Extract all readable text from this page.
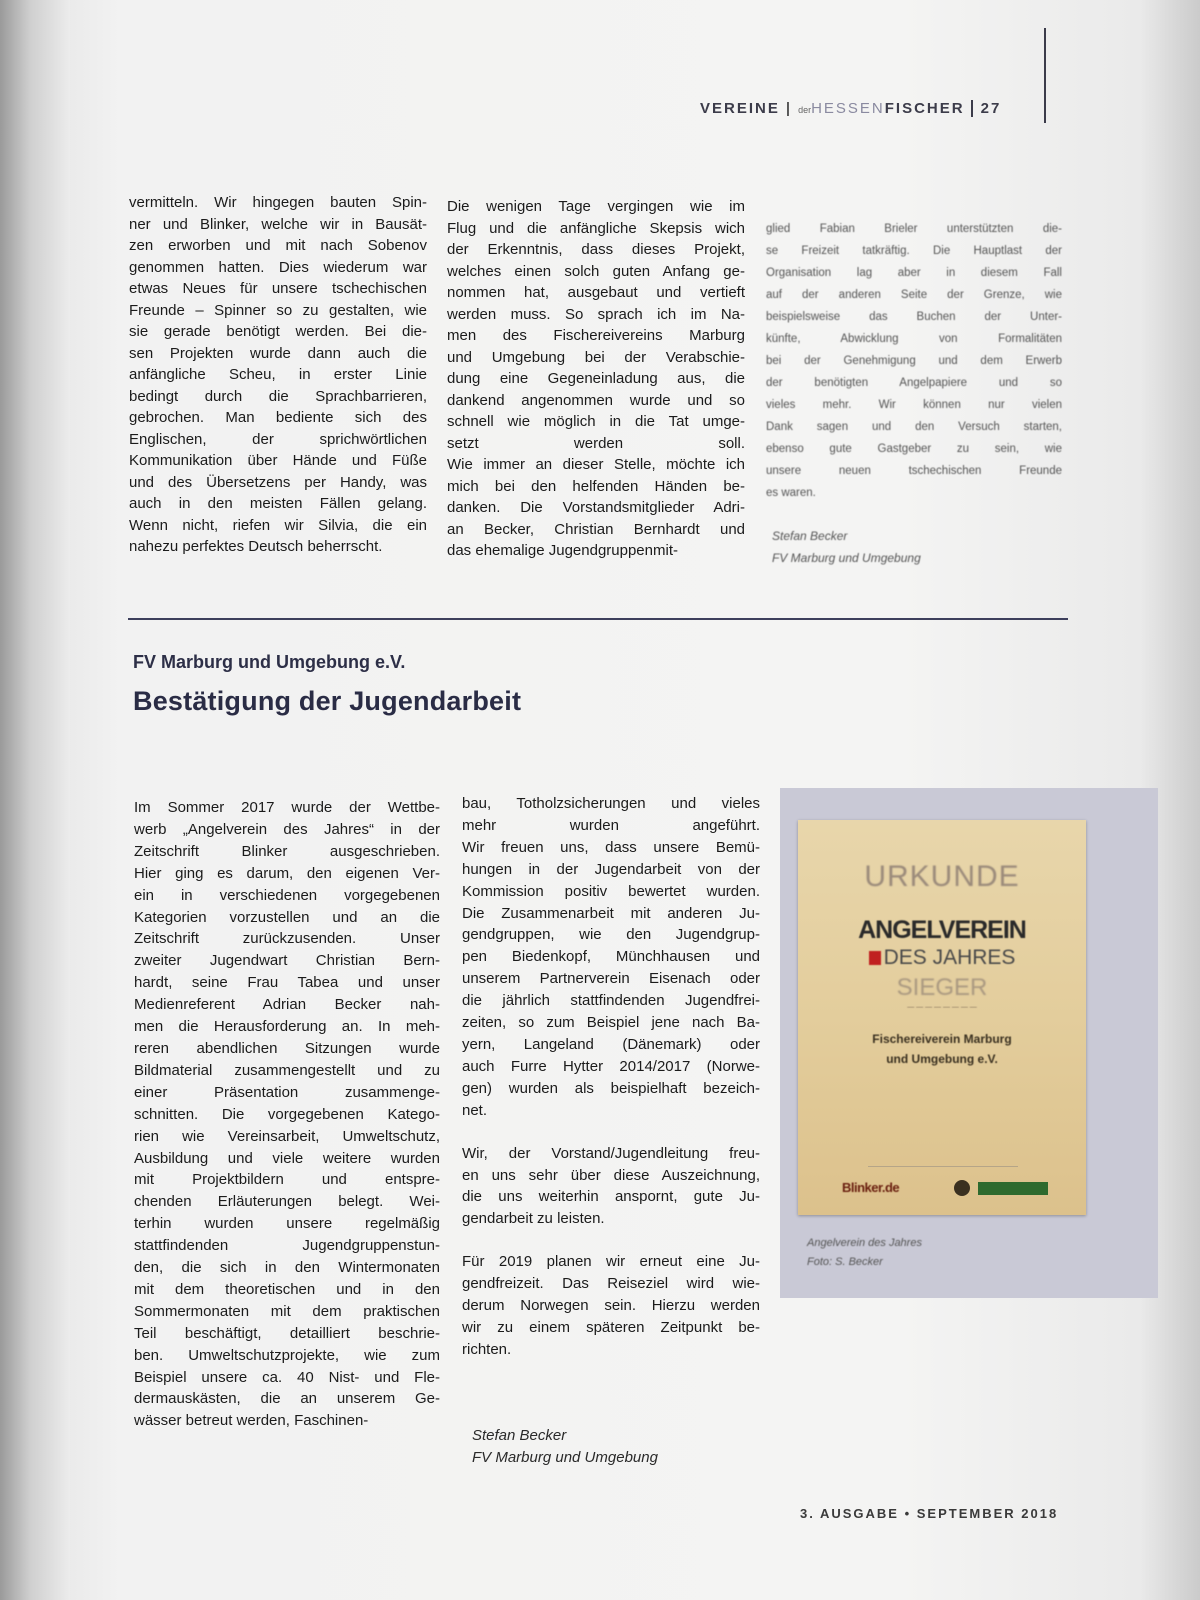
VEREINE | derHESSENFISCHER 27
vermitteln. Wir hingegen bauten Spin-
ner und Blinker, welche wir in Bausät-
zen erworben und mit nach Sobenov
genommen hatten. Dies wiederum war
etwas Neues für unsere tschechischen
Freunde – Spinner so zu gestalten, wie
sie gerade benötigt werden. Bei die-
sen Projekten wurde dann auch die
anfängliche Scheu, in erster Linie
bedingt durch die Sprachbarrieren,
gebrochen. Man bediente sich des
Englischen, der sprichwörtlichen
Kommunikation über Hände und Füße
und des Übersetzens per Handy, was
auch in den meisten Fällen gelang.
Wenn nicht, riefen wir Silvia, die ein
nahezu perfektes Deutsch beherrscht.
Die wenigen Tage vergingen wie im
Flug und die anfängliche Skepsis wich
der Erkenntnis, dass dieses Projekt,
welches einen solch guten Anfang ge-
nommen hat, ausgebaut und vertieft
werden muss. So sprach ich im Na-
men des Fischereivereins Marburg
und Umgebung bei der Verabschie-
dung eine Gegeneinladung aus, die
dankend angenommen wurde und so
schnell wie möglich in die Tat umge-
setzt werden soll.
Wie immer an dieser Stelle, möchte ich
mich bei den helfenden Händen be-
danken. Die Vorstandsmitglieder Adri-
an Becker, Christian Bernhardt und
das ehemalige Jugendgruppenmit-
glied Fabian Brieler unterstützten die-
se Freizeit tatkräftig. Die Hauptlast der
Organisation lag aber in diesem Fall
auf der anderen Seite der Grenze, wie
beispielsweise das Buchen der Unter-
künfte, Abwicklung von Formalitäten
bei der Genehmigung und dem Erwerb
der benötigten Angelpapiere und so
vieles mehr. Wir können nur vielen
Dank sagen und den Versuch starten,
ebenso gute Gastgeber zu sein, wie
unsere neuen tschechischen Freunde
es waren.
Stefan Becker
FV Marburg und Umgebung
FV Marburg und Umgebung e.V.
Bestätigung der Jugendarbeit
Im Sommer 2017 wurde der Wettbe-
werb „Angelverein des Jahres“ in der
Zeitschrift Blinker ausgeschrieben.
Hier ging es darum, den eigenen Ver-
ein in verschiedenen vorgegebenen
Kategorien vorzustellen und an die
Zeitschrift zurückzusenden. Unser
zweiter Jugendwart Christian Bern-
hardt, seine Frau Tabea und unser
Medienreferent Adrian Becker nah-
men die Herausforderung an. In meh-
reren abendlichen Sitzungen wurde
Bildmaterial zusammengestellt und zu
einer Präsentation zusammenge-
schnitten. Die vorgegebenen Katego-
rien wie Vereinsarbeit, Umweltschutz,
Ausbildung und viele weitere wurden
mit Projektbildern und entspre-
chenden Erläuterungen belegt. Wei-
terhin wurden unsere regelmäßig
stattfindenden Jugendgruppenstun-
den, die sich in den Wintermonaten
mit dem theoretischen und in den
Sommermonaten mit dem praktischen
Teil beschäftigt, detailliert beschrie-
ben. Umweltschutzprojekte, wie zum
Beispiel unsere ca. 40 Nist- und Fle-
dermauskästen, die an unserem Ge-
wässer betreut werden, Faschinen-
bau, Totholzsicherungen und vieles
mehr wurden angeführt.
Wir freuen uns, dass unsere Bemü-
hungen in der Jugendarbeit von der
Kommission positiv bewertet wurden.
Die Zusammenarbeit mit anderen Ju-
gendgruppen, wie den Jugendgrup-
pen Biedenkopf, Münchhausen und
unserem Partnerverein Eisenach oder
die jährlich stattfindenden Jugendfrei-
zeiten, so zum Beispiel jene nach Ba-
yern, Langeland (Dänemark) oder
auch Furre Hytter 2014/2017 (Norwe-
gen) wurden als beispielhaft bezeich-
net.
Wir, der Vorstand/Jugendleitung freu-
en uns sehr über diese Auszeichnung,
die uns weiterhin anspornt, gute Ju-
gendarbeit zu leisten.
Für 2019 planen wir erneut eine Ju-
gendfreizeit. Das Reiseziel wird wie-
derum Norwegen sein. Hierzu werden
wir zu einem späteren Zeitpunkt be-
richten.
Stefan Becker
FV Marburg und Umgebung
URKUNDE
ANGELVEREIN
DES JAHRES
SIEGER
— — — — — — — —
Fischereiverein Marburg
und Umgebung e.V.
Blinker.de
Angelverein des Jahres
Foto: S. Becker
3. AUSGABE • SEPTEMBER 2018
